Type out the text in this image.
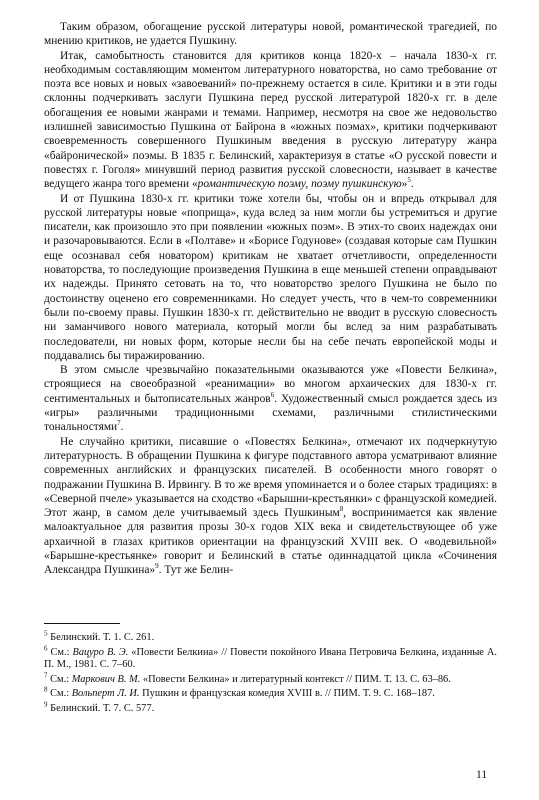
Таким образом, обогащение русской литературы новой, романтической трагедией, по мнению критиков, не удается Пушкину.

Итак, самобытность становится для критиков конца 1820-х – начала 1830-х гг. необходимым составляющим моментом литературного новаторства, но само требование от поэта все новых и новых «завоеваний» по-прежнему остается в силе. Критики и в эти годы склонны подчеркивать заслуги Пушкина перед русской литературой 1820-х гг. в деле обогащения ее новыми жанрами и темами. Например, несмотря на свое же недовольство излишней зависимостью Пушкина от Байрона в «южных поэмах», критики подчеркивают своевременность совершенного Пушкиным введения в русскую литературу жанра «байронической» поэмы. В 1835 г. Белинский, характеризуя в статье «О русской повести и повестях г. Гоголя» минувший период развития русской словесности, называет в качестве ведущего жанра того времени «романтическую поэму, поэму пушкинскую»$^5$.

И от Пушкина 1830-х гг. критики тоже хотели бы, чтобы он и впредь открывал для русской литературы новые «поприща», куда вслед за ним могли бы устремиться и другие писатели, как произошло это при появлении «южных поэм». В этих-то своих надеждах они и разочаровываются. Если в «Полтаве» и «Борисе Годунове» (создавая которые сам Пушкин еще осознавал себя новатором) критикам не хватает отчетливости, определенности новаторства, то последующие произведения Пушкина в еще меньшей степени оправдывают их надежды. Принято сетовать на то, что новаторство зрелого Пушкина не было по достоинству оценено его современниками. Но следует учесть, что в чем-то современники были по-своему правы. Пушкин 1830-х гг. действительно не вводит в русскую словесность ни заманчивого нового материала, который могли бы вслед за ним разрабатывать последователи, ни новых форм, которые несли бы на себе печать европейской моды и поддавались бы тиражированию.

В этом смысле чрезвычайно показательными оказываются уже «Повести Белкина», строящиеся на своеобразной «реанимации» во многом архаических для 1830-х гг. сентиментальных и бытописательных жанров$^6$. Художественный смысл рождается здесь из «игры» различными традиционными схемами, различными стилистическими тональностями$^7$.

Не случайно критики, писавшие о «Повестях Белкина», отмечают их подчеркнутую литературность. В обращении Пушкина к фигуре подставного автора усматривают влияние современных английских и французских писателей. В особенности много говорят о подражании Пушкина В. Ирвингу. В то же время упоминается и о более старых традициях: в «Северной пчеле» указывается на сходство «Барышни-крестьянки» с французской комедией. Этот жанр, в самом деле учитываемый здесь Пушкиным$^8$, воспринимается как явление малоактуальное для развития прозы 30-х годов XIX века и свидетельствующее об уже архаичной в глазах критиков ориентации на французский XVIII век. О «водевильной» «Барышне-крестьянке» говорит и Белинский в статье одиннадцатой цикла «Сочинения Александра Пушкина»$^9$. Тут же Белин-

$^5$ Белинский. Т. 1. С. 261.

$^6$ См.: Вацуро В. Э. «Повести Белкина» // Повести покойного Ивана Петровича Белкина, изданные А. П. М., 1981. С. 7–60.

$^7$ См.: Маркович В. М. «Повести Белкина» и литературный контекст // ПИМ. Т. 13. С. 63–86.

$^8$ См.: Вольперт Л. И. Пушкин и французская комедия XVIII в. // ПИМ. Т. 9. С. 168–187.

$^9$ Белинский. Т. 7. С. 577.

11
